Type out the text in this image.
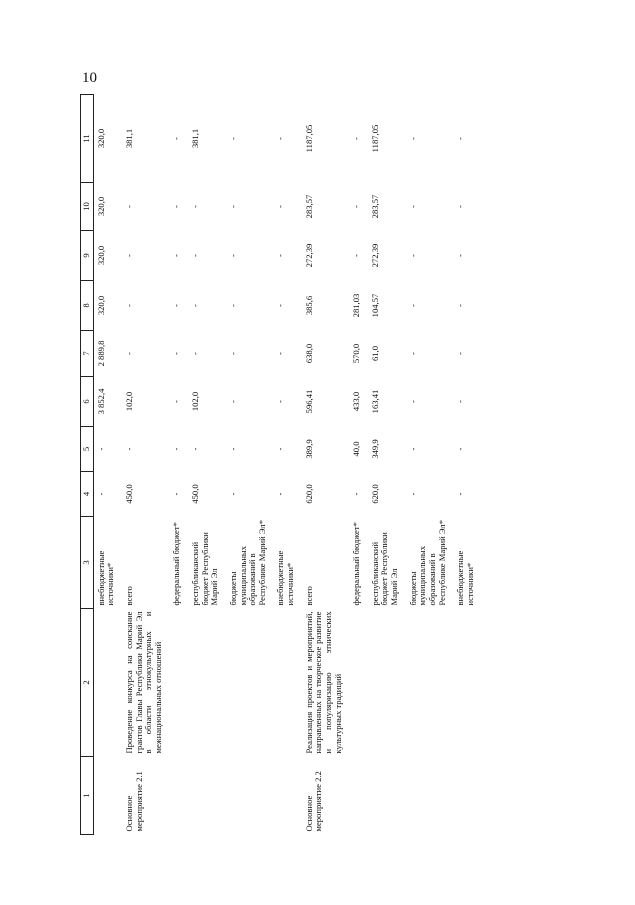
10
1	2	3	4	5	6	7	8	9	10	11
		внебюджетные источники*	-	-	3 852,4	2 889,8	320,0	320,0	320,0	320,0
Основное мероприятие 2.1	Проведение конкурса на соискание грантов Главы Республики Марий Эл в области этнокультурных и межнациональных отношений	всего	450,0	-	102,0	-	-	-	-	381,1
		федеральный бюджет*	-	-	-	-	-	-	-	-
		республиканский бюджет Республики Марий Эл	450,0	-	102,0	-	-	-	-	381,1
		бюджеты муниципальных образований в Республике Марий Эл*	-	-	-	-	-	-	-	-
		внебюджетные источники*	-	-	-	-	-	-	-	-
Основное мероприятие 2.2	Реализация проектов и мероприятий, направленных на творческое развитие и популяризацию этнических культурных традиций	всего	620,0	389,9	596,41	638,0	385,6	272,39	283,57	1187,05
		федеральный бюджет*	-	40,0	433,0	570,0	281,03	-	-	-
		республиканский бюджет Республики Марий Эл	620,0	349,9	163,41	61,0	104,57	272,39	283,57	1187,05
		бюджеты муниципальных образований в Республике Марий Эл*	-	-	-	-	-	-	-	-
		внебюджетные источники*	-	-	-	-	-	-	-	-
